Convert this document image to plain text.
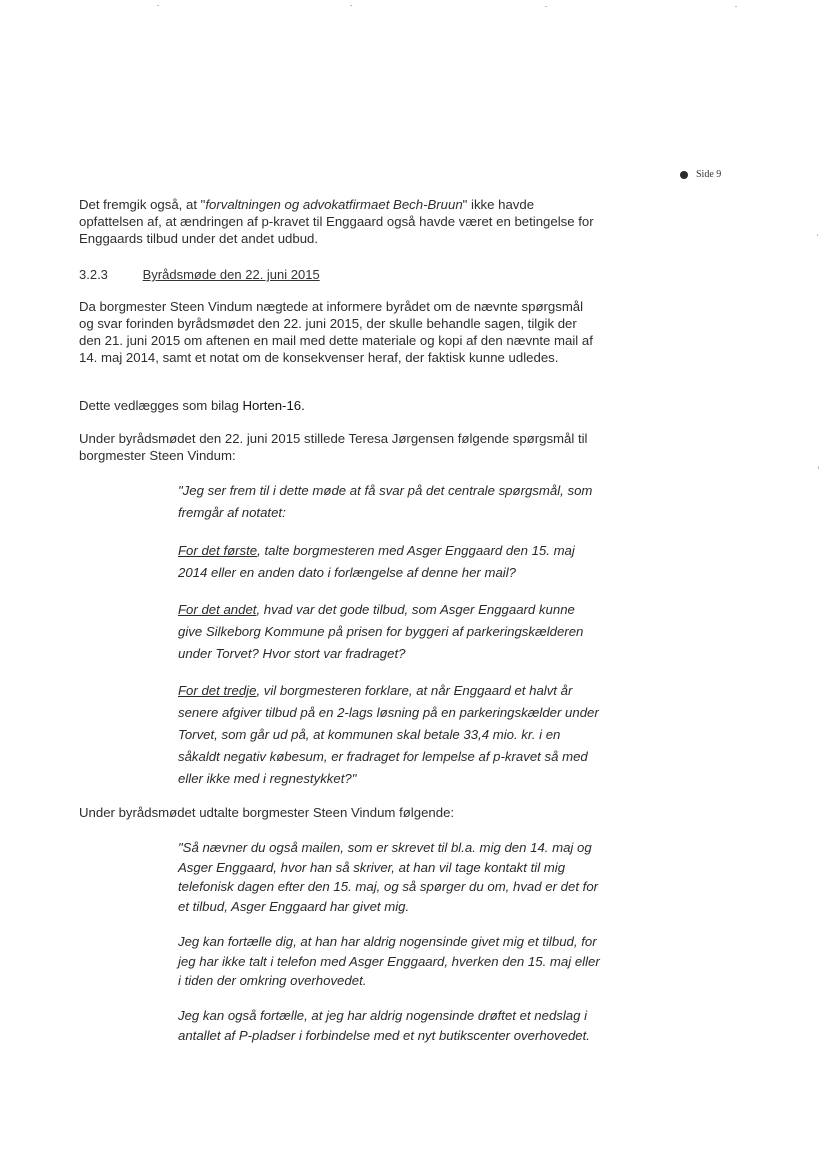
Side 9

Det fremgik også, at "forvaltningen og advokatfirmaet Bech-Bruun" ikke havde opfattelsen af, at ændringen af p-kravet til Enggaard også havde været en betingelse for Enggaards tilbud under det andet udbud.

3.2.3	Byrådsmøde den 22. juni 2015

Da borgmester Steen Vindum nægtede at informere byrådet om de nævnte spørgsmål og svar forinden byrådsmødet den 22. juni 2015, der skulle behandle sagen, tilgik der den 21. juni 2015 om aftenen en mail med dette materiale og kopi af den nævnte mail af 14. maj 2014, samt et notat om de konsekvenser heraf, der faktisk kunne udledes.

Dette vedlægges som bilag Horten-16.

Under byrådsmødet den 22. juni 2015 stillede Teresa Jørgensen følgende spørgsmål til borgmester Steen Vindum:

"Jeg ser frem til i dette møde at få svar på det centrale spørgsmål, som fremgår af notatet:

For det første, talte borgmesteren med Asger Enggaard den 15. maj 2014 eller en anden dato i forlængelse af denne her mail?

For det andet, hvad var det gode tilbud, som Asger Enggaard kunne give Silkeborg Kommune på prisen for byggeri af parkeringskælderen under Torvet? Hvor stort var fradraget?

For det tredje, vil borgmesteren forklare, at når Enggaard et halvt år senere afgiver tilbud på en 2-lags løsning på en parkeringskælder under Torvet, som går ud på, at kommunen skal betale 33,4 mio. kr. i en såkaldt negativ købesum, er fradraget for lempelse af p-kravet så med eller ikke med i regnestykket?"

Under byrådsmødet udtalte borgmester Steen Vindum følgende:

"Så nævner du også mailen, som er skrevet til bl.a. mig den 14. maj og Asger Enggaard, hvor han så skriver, at han vil tage kontakt til mig telefonisk dagen efter den 15. maj, og så spørger du om, hvad er det for et tilbud, Asger Enggaard har givet mig.

Jeg kan fortælle dig, at han har aldrig nogensinde givet mig et tilbud, for jeg har ikke talt i telefon med Asger Enggaard, hverken den 15. maj eller i tiden der omkring overhovedet.

Jeg kan også fortælle, at jeg har aldrig nogensinde drøftet et nedslag i antallet af P-pladser i forbindelse med et nyt butikscenter overhovedet.
